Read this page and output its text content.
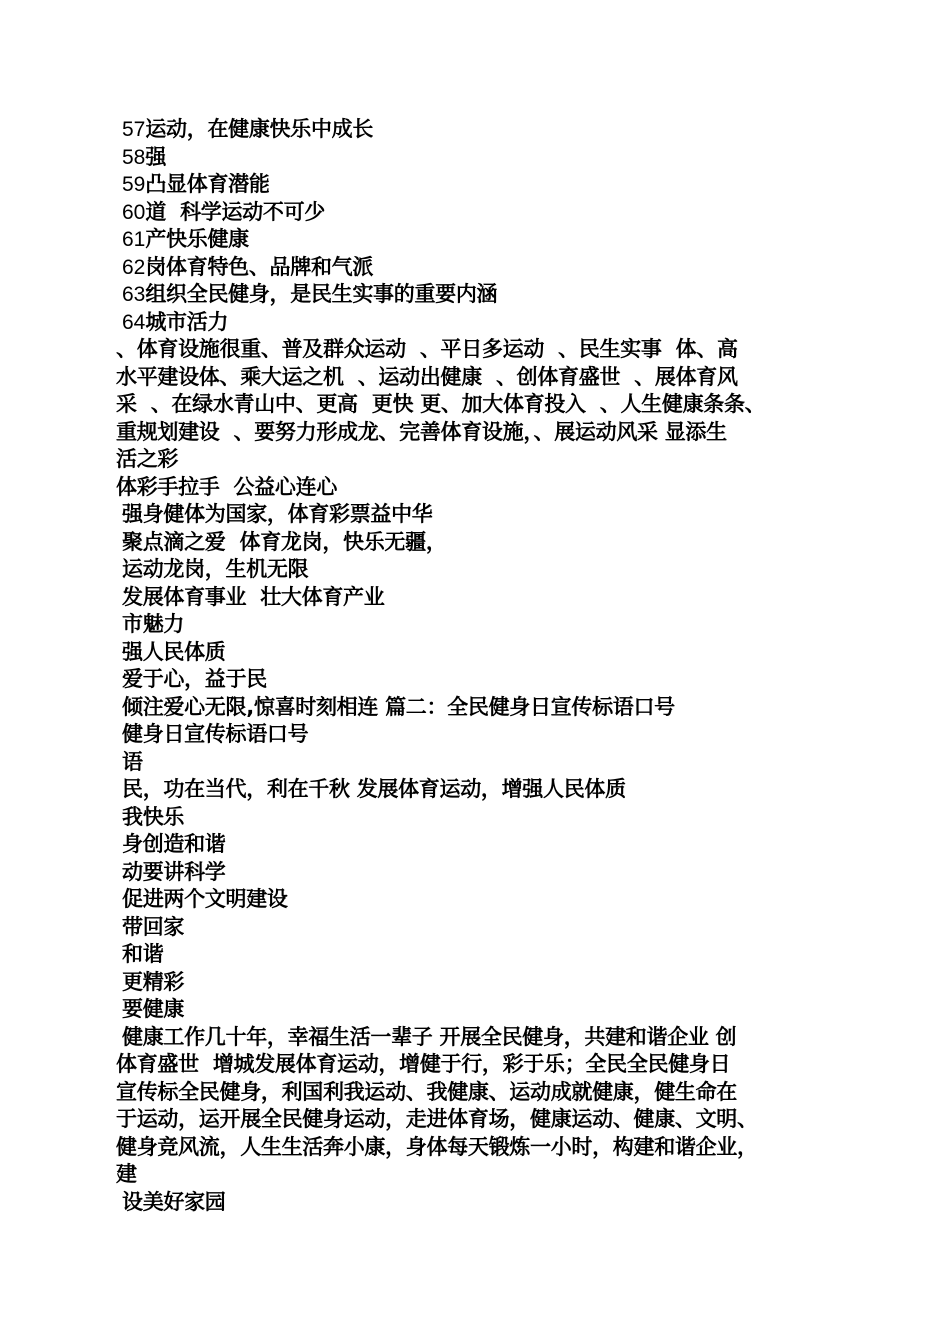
57运动，在健康快乐中成长
58强
59凸显体育潜能
60道  科学运动不可少
61产快乐健康
62岗体育特色、品牌和气派
63组织全民健身，是民生实事的重要内涵
64城市活力
、体育设施很重、普及群众运动  、平日多运动  、民生实事  体、高
水平建设体、乘大运之机  、运动出健康  、创体育盛世  、展体育风
采  、在绿水青山中、更高  更快 更、加大体育投入  、人生健康条条、
重规划建设  、要努力形成龙、完善体育设施，、展运动风采 显添生
活之彩
体彩手拉手  公益心连心
强身健体为国家，体育彩票益中华
聚点滴之爱  体育龙岗，快乐无疆，
运动龙岗，生机无限
发展体育事业  壮大体育产业
市魅力
强人民体质
爱于心，益于民
倾注爱心无限,惊喜时刻相连 篇二：全民健身日宣传标语口号
健身日宣传标语口号
语
民，功在当代，利在千秋 发展体育运动，增强人民体质
我快乐
身创造和谐
动要讲科学
促进两个文明建设
带回家
和谐
更精彩
要健康
健康工作几十年，幸福生活一辈子 开展全民健身，共建和谐企业 创
体育盛世  增城发展体育运动，增健于行，彩于乐；全民全民健身日
宣传标全民健身，利国利我运动、我健康、运动成就健康，健生命在
于运动，运开展全民健身运动，走进体育场，健康运动、健康、文明、
健身竞风流，人生生活奔小康，身体每天锻炼一小时，构建和谐企业，
建
设美好家园
